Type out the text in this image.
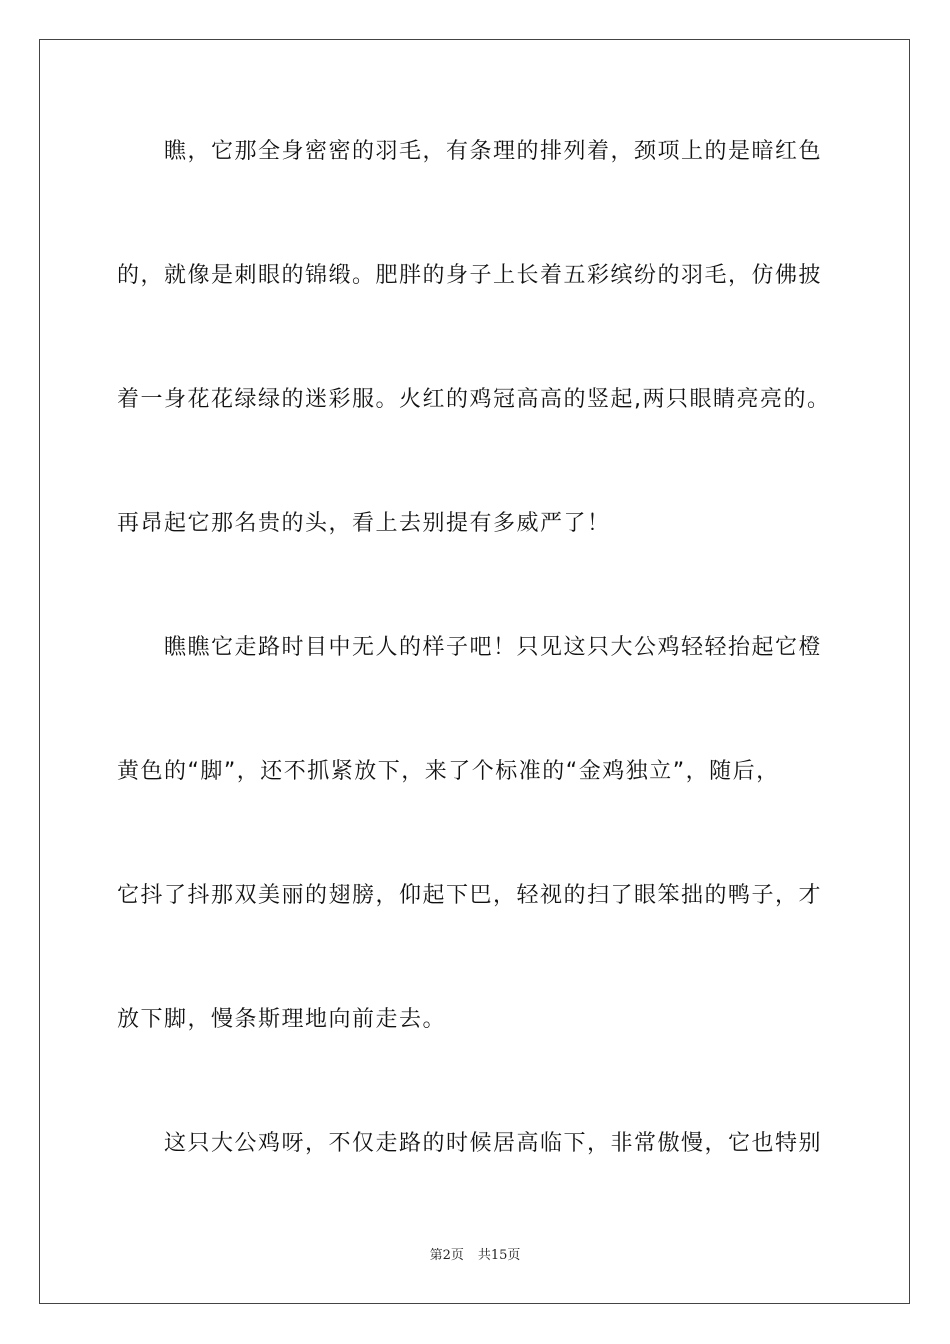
瞧，它那全身密密的羽毛，有条理的排列着，颈项上的是暗红色
的，就像是刺眼的锦缎。肥胖的身子上长着五彩缤纷的羽毛，仿佛披
着一身花花绿绿的迷彩服。火红的鸡冠高高的竖起,两只眼睛亮亮的。
再昂起它那名贵的头，看上去别提有多威严了！
瞧瞧它走路时目中无人的样子吧！只见这只大公鸡轻轻抬起它橙
黄色的“脚”，还不抓紧放下，来了个标准的“金鸡独立”，随后，
它抖了抖那双美丽的翅膀，仰起下巴，轻视的扫了眼笨拙的鸭子，才
放下脚，慢条斯理地向前走去。
这只大公鸡呀，不仅走路的时候居高临下，非常傲慢，它也特别
第2页 共15页
